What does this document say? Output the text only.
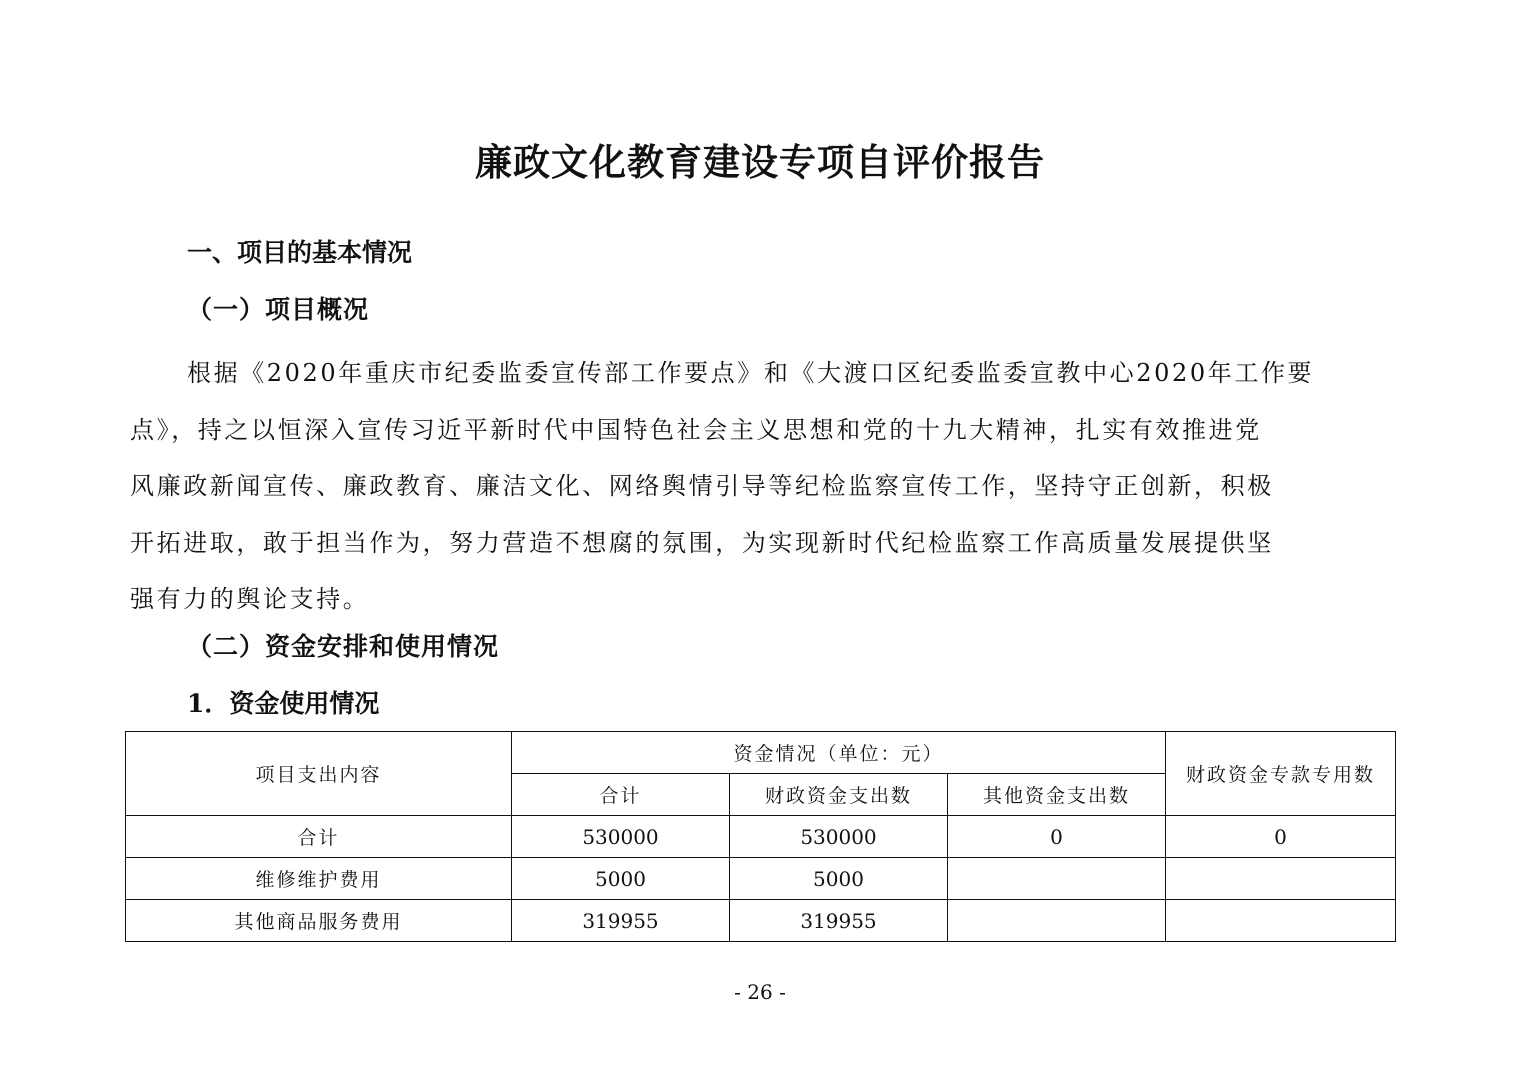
廉政文化教育建设专项自评价报告
一、项目的基本情况
（一）项目概况
根据《2020年重庆市纪委监委宣传部工作要点》和《大渡口区纪委监委宣教中心2020年工作要
点》，持之以恒深入宣传习近平新时代中国特色社会主义思想和党的十九大精神，扎实有效推进党
风廉政新闻宣传、廉政教育、廉洁文化、网络舆情引导等纪检监察宣传工作，坚持守正创新，积极
开拓进取，敢于担当作为，努力营造不想腐的氛围，为实现新时代纪检监察工作高质量发展提供坚
强有力的舆论支持。
（二）资金安排和使用情况
1．资金使用情况
项目支出内容	资金情况（单位：元）			财政资金专款专用数
	合计	财政资金支出数	其他资金支出数	
合计	530000	530000	0	0
维修维护费用	5000	5000		
其他商品服务费用	319955	319955		
- 26 -
